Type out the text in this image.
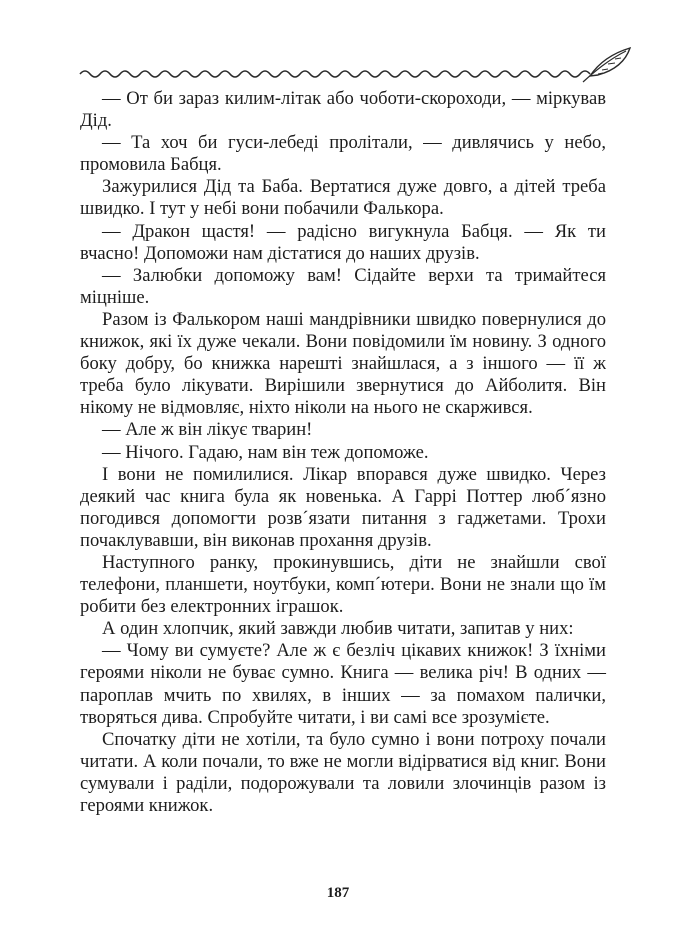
— От би зараз килим-літак або чоботи-скороходи, — міркував Дід.

— Та хоч би гуси-лебеді пролітали, — дивлячись у небо, промовила Бабця.

Зажурилися Дід та Баба. Вертатися дуже довго, а дітей треба швидко. І тут у небі вони побачили Фалькора.

— Дракон щастя! — радісно вигукнула Бабця. — Як ти вчасно! Допоможи нам дістатися до наших друзів.

— Залюбки допоможу вам! Сідайте верхи та тримайтеся міцніше.

Разом із Фалькором наші мандрівники швидко повернулися до книжок, які їх дуже чекали. Вони повідомили їм новину. З одного боку добру, бо книжка нарешті знайшлася, а з іншого — її ж треба було лікувати. Вирішили звернутися до Айболитя. Він нікому не відмовляє, ніхто ніколи на нього не скаржився.

— Але ж він лікує тварин!

— Нічого. Гадаю, нам він теж допоможе.

І вони не помилилися. Лікар впорався дуже швидко. Через деякий час книга була як новенька. А Гаррі Поттер люб´язно погодився допомогти розв´язати питання з гаджетами. Трохи почаклувавши, він виконав прохання друзів.

Наступного ранку, прокинувшись, діти не знайшли свої телефони, планшети, ноутбуки, комп´ютери. Вони не знали що їм робити без електронних іграшок.

А один хлопчик, який завжди любив читати, запитав у них:

— Чому ви сумуєте? Але ж є безліч цікавих книжок! З їхніми героями ніколи не буває сумно. Книга — велика річ! В одних — пароплав мчить по хвилях, в інших — за помахом палички, творяться дива. Спробуйте читати, і ви самі все зрозумієте.

Спочатку діти не хотіли, та було сумно і вони потроху почали читати. А коли почали, то вже не могли відірватися від книг. Вони сумували і раділи, подорожували та ловили злочинців разом із героями книжок.

187
